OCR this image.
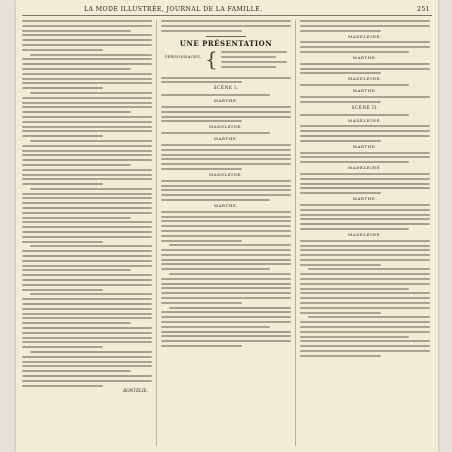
LA MODE ILLUSTRÉE, JOURNAL DE LA FAMILLE.	251
BONTÉLIE.
UNE PRÉSENTATION
PERSONNAGES. {
SCÈNE I.
MARTHE.
MADELEINE.
MARTHE.
MADELEINE.
MARTHE.
MADELEINE.
MARTHE.
MADELEINE.
MARTHE.
SCÈNE II.
MADELEINE.
MARTHE.
MADELEINE.
MARTHE.
MADELEINE.
